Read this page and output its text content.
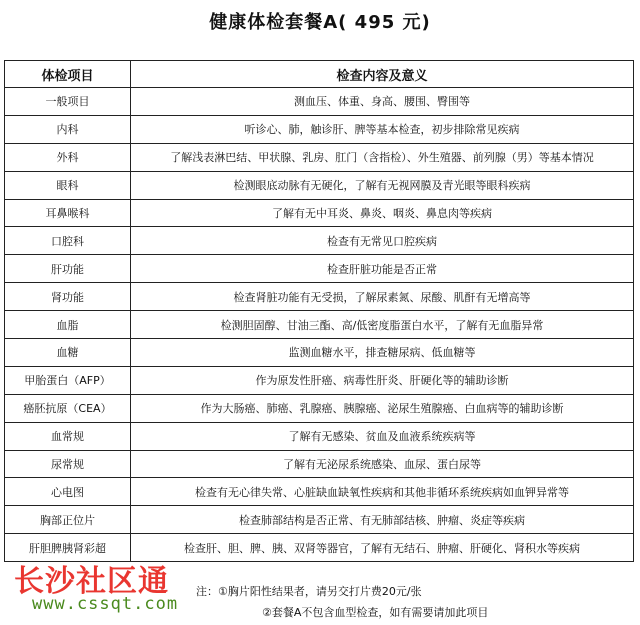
健康体检套餐A( 495 元)
体检项目	检查内容及意义
一般项目	测血压、体重、身高、腰围、臀围等
内科	听诊心、肺，触诊肝、脾等基本检查，初步排除常见疾病
外科	了解浅表淋巴结、甲状腺、乳房、肛门（含指检）、外生殖器、前列腺（男）等基本情况
眼科	检测眼底动脉有无硬化，了解有无视网膜及青光眼等眼科疾病
耳鼻喉科	了解有无中耳炎、鼻炎、咽炎、鼻息肉等疾病
口腔科	检查有无常见口腔疾病
肝功能	检查肝脏功能是否正常
肾功能	检查肾脏功能有无受损，了解尿素氮、尿酸、肌酐有无增高等
血脂	检测胆固醇、甘油三酯、高/低密度脂蛋白水平，了解有无血脂异常
血糖	监测血糖水平，排查糖尿病、低血糖等
甲胎蛋白（AFP）	作为原发性肝癌、病毒性肝炎、肝硬化等的辅助诊断
癌胚抗原（CEA）	作为大肠癌、肺癌、乳腺癌、胰腺癌、泌尿生殖腺癌、白血病等的辅助诊断
血常规	了解有无感染、贫血及血液系统疾病等
尿常规	了解有无泌尿系统感染、血尿、蛋白尿等
心电图	检查有无心律失常、心脏缺血缺氧性疾病和其他非循环系统疾病如血钾异常等
胸部正位片	检查肺部结构是否正常、有无肺部结核、肿瘤、炎症等疾病
肝胆脾胰肾彩超	检查肝、胆、脾、胰、双肾等器官，了解有无结石、肿瘤、肝硬化、肾积水等疾病
注：①胸片阳性结果者，请另交打片费20元/张
②套餐A不包含血型检查，如有需要请加此项目
长沙社区通
www.cssqt.com
